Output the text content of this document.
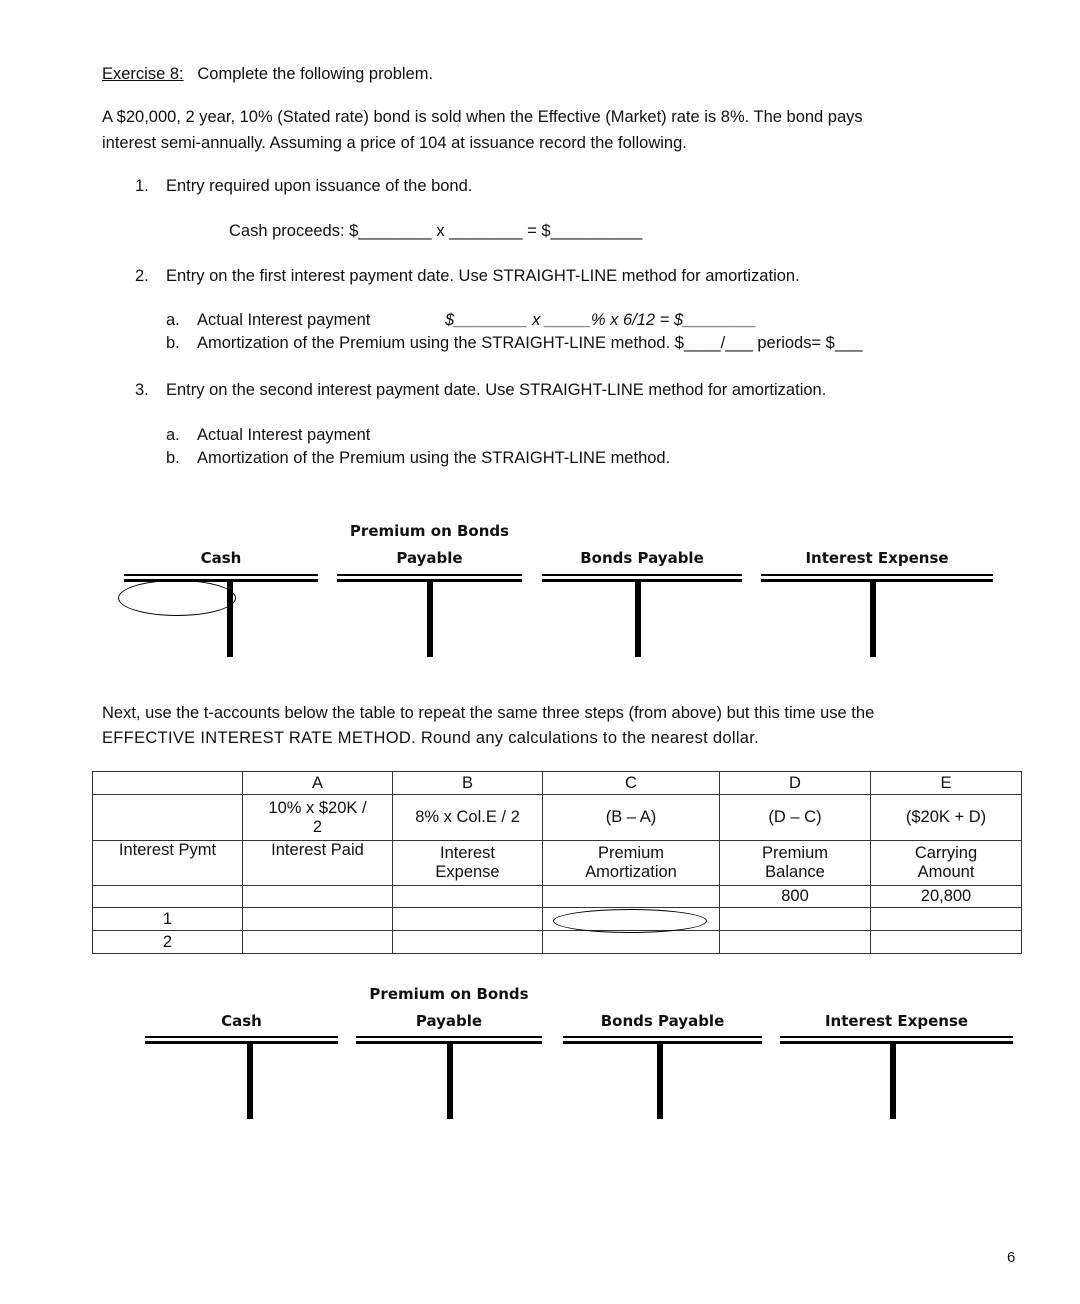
Exercise 8: Complete the following problem.
A $20,000, 2 year, 10% (Stated rate) bond is sold when the Effective (Market) rate is 8%. The bond pays
interest semi-annually. Assuming a price of 104 at issuance record the following.
1. Entry required upon issuance of the bond.
Cash proceeds: $________ x ________ = $__________
2. Entry on the first interest payment date. Use STRAIGHT-LINE method for amortization.
a. Actual Interest payment	$________ x _____% x 6/12 = $________
b. Amortization of the Premium using the STRAIGHT-LINE method. $____/___ periods= $___
3. Entry on the second interest payment date. Use STRAIGHT-LINE method for amortization.
a. Actual Interest payment
b. Amortization of the Premium using the STRAIGHT-LINE method.
Cash
Premium on Bonds
Payable	Bonds Payable	Interest Expense
Next, use the t-accounts below the table to repeat the same three steps (from above) but this time use the
EFFECTIVE INTEREST RATE METHOD. Round any calculations to the nearest dollar.
	A	B	C	D	E
	10% x $20K / 2	8% x Col.E / 2	(B – A)	(D – C)	($20K + D)
Interest Pymt	Interest Paid	Interest Expense	Premium Amortization	Premium Balance	Carrying Amount
				800	20,800
1					
2					
Cash
Premium on Bonds
Payable	Bonds Payable	Interest Expense
6
